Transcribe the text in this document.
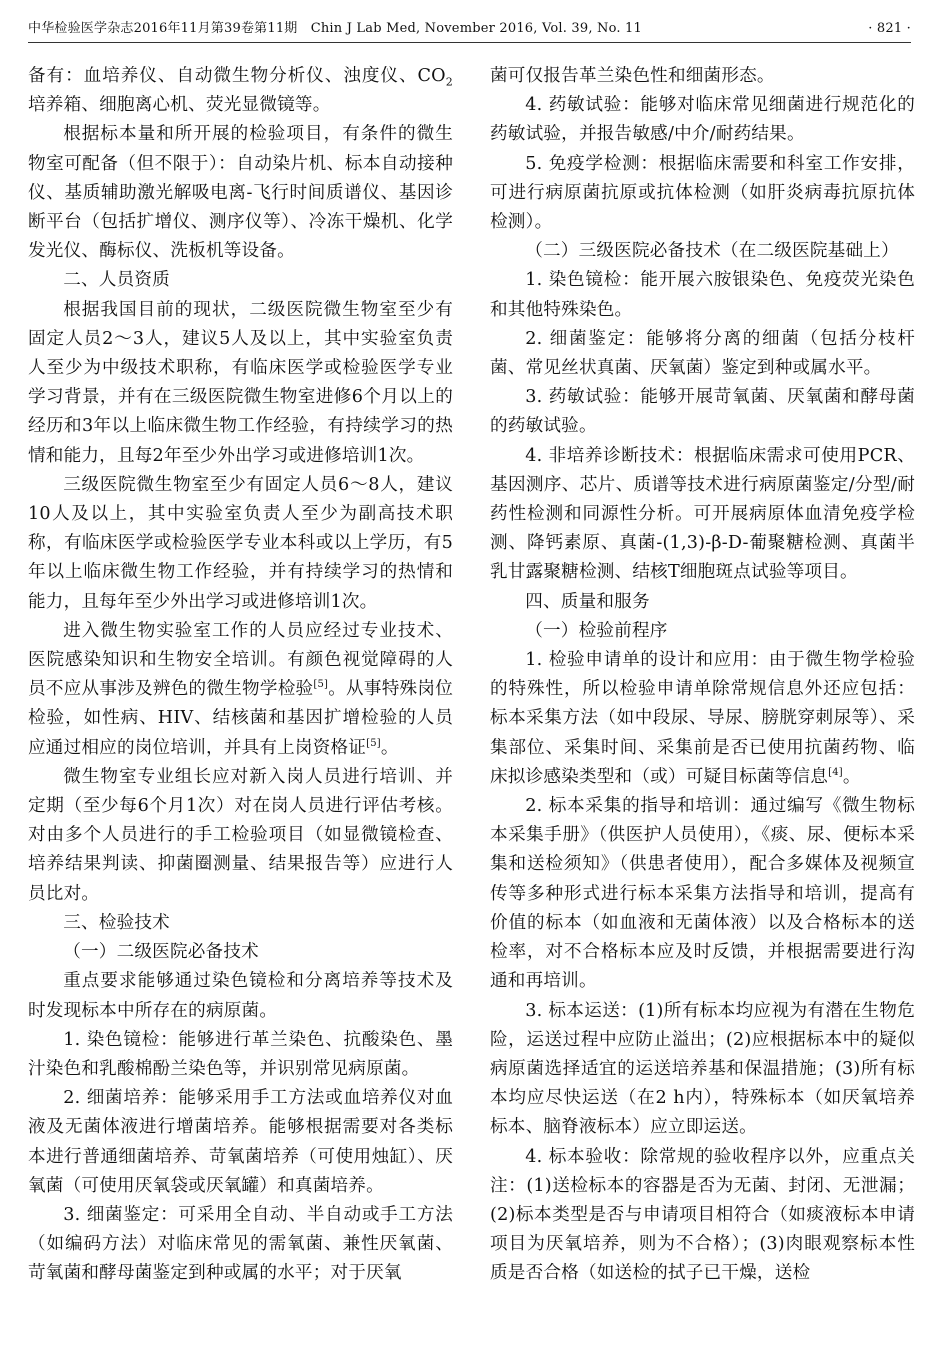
中华检验医学杂志2016年11月第39卷第11期　Chin J Lab Med, November 2016, Vol. 39, No. 11	· 821 ·

备有：血培养仪、自动微生物分析仪、浊度仪、$CO_2$培养箱、细胞离心机、荧光显微镜等。

根据标本量和所开展的检验项目，有条件的微生物室可配备（但不限于）：自动染片机、标本自动接种仪、基质辅助激光解吸电离-飞行时间质谱仪、基因诊断平台（包括扩增仪、测序仪等）、冷冻干燥机、化学发光仪、酶标仪、洗板机等设备。

二、人员资质

根据我国目前的现状，二级医院微生物室至少有固定人员2～3人，建议5人及以上，其中实验室负责人至少为中级技术职称，有临床医学或检验医学专业学习背景，并有在三级医院微生物室进修6个月以上的经历和3年以上临床微生物工作经验，有持续学习的热情和能力，且每2年至少外出学习或进修培训1次。

三级医院微生物室至少有固定人员6～8人，建议10人及以上，其中实验室负责人至少为副高技术职称，有临床医学或检验医学专业本科或以上学历，有5年以上临床微生物工作经验，并有持续学习的热情和能力，且每年至少外出学习或进修培训1次。

进入微生物实验室工作的人员应经过专业技术、医院感染知识和生物安全培训。有颜色视觉障碍的人员不应从事涉及辨色的微生物学检验[5]。从事特殊岗位检验，如性病、HIV、结核菌和基因扩增检验的人员应通过相应的岗位培训，并具有上岗资格证[5]。

微生物室专业组长应对新入岗人员进行培训、并定期（至少每6个月1次）对在岗人员进行评估考核。对由多个人员进行的手工检验项目（如显微镜检查、培养结果判读、抑菌圈测量、结果报告等）应进行人员比对。

三、检验技术

（一）二级医院必备技术

重点要求能够通过染色镜检和分离培养等技术及时发现标本中所存在的病原菌。

1. 染色镜检：能够进行革兰染色、抗酸染色、墨汁染色和乳酸棉酚兰染色等，并识别常见病原菌。

2. 细菌培养：能够采用手工方法或血培养仪对血液及无菌体液进行增菌培养。能够根据需要对各类标本进行普通细菌培养、苛氧菌培养（可使用烛缸）、厌氧菌（可使用厌氧袋或厌氧罐）和真菌培养。

3. 细菌鉴定：可采用全自动、半自动或手工方法（如编码方法）对临床常见的需氧菌、兼性厌氧菌、苛氧菌和酵母菌鉴定到种或属的水平；对于厌氧

菌可仅报告革兰染色性和细菌形态。

4. 药敏试验：能够对临床常见细菌进行规范化的药敏试验，并报告敏感/中介/耐药结果。

5. 免疫学检测：根据临床需要和科室工作安排，可进行病原菌抗原或抗体检测（如肝炎病毒抗原抗体检测）。

（二）三级医院必备技术（在二级医院基础上）

1. 染色镜检：能开展六胺银染色、免疫荧光染色和其他特殊染色。

2. 细菌鉴定：能够将分离的细菌（包括分枝杆菌、常见丝状真菌、厌氧菌）鉴定到种或属水平。

3. 药敏试验：能够开展苛氧菌、厌氧菌和酵母菌的药敏试验。

4. 非培养诊断技术：根据临床需求可使用PCR、基因测序、芯片、质谱等技术进行病原菌鉴定/分型/耐药性检测和同源性分析。可开展病原体血清免疫学检测、降钙素原、真菌-(1,3)-β-D-葡聚糖检测、真菌半乳甘露聚糖检测、结核T细胞斑点试验等项目。

四、质量和服务

（一）检验前程序

1. 检验申请单的设计和应用：由于微生物学检验的特殊性，所以检验申请单除常规信息外还应包括：标本采集方法（如中段尿、导尿、膀胱穿刺尿等）、采集部位、采集时间、采集前是否已使用抗菌药物、临床拟诊感染类型和（或）可疑目标菌等信息[4]。

2. 标本采集的指导和培训：通过编写《微生物标本采集手册》（供医护人员使用），《痰、尿、便标本采集和送检须知》（供患者使用），配合多媒体及视频宣传等多种形式进行标本采集方法指导和培训，提高有价值的标本（如血液和无菌体液）以及合格标本的送检率，对不合格标本应及时反馈，并根据需要进行沟通和再培训。

3. 标本运送：(1)所有标本均应视为有潜在生物危险，运送过程中应防止溢出；(2)应根据标本中的疑似病原菌选择适宜的运送培养基和保温措施；(3)所有标本均应尽快运送（在2 h内），特殊标本（如厌氧培养标本、脑脊液标本）应立即运送。

4. 标本验收：除常规的验收程序以外，应重点关注：(1)送检标本的容器是否为无菌、封闭、无泄漏；(2)标本类型是否与申请项目相符合（如痰液标本申请项目为厌氧培养，则为不合格）；(3)肉眼观察标本性质是否合格（如送检的拭子已干燥，送检
